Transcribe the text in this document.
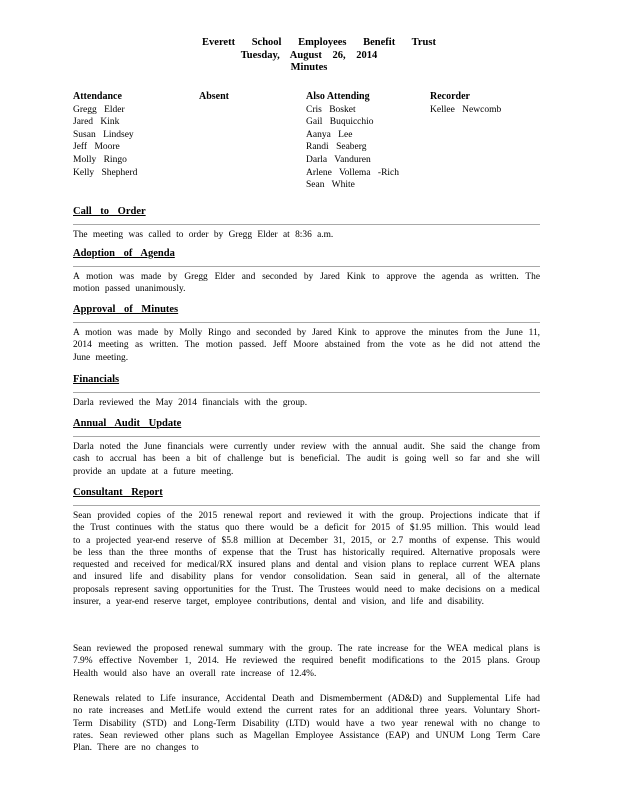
Everett School Employees Benefit Trust
Tuesday, August 26, 2014
Minutes
Attendance
Gregg Elder
Jared Kink
Susan Lindsey
Jeff Moore
Molly Ringo
Kelly Shepherd
Absent	Also Attending
Cris Bosket
Gail Buquicchio
Aanya Lee
Randi Seaberg
Darla Vanduren
Arlene Vollema -Rich
Sean White
Recorder
Kellee Newcomb
Call to Order
The meeting was called to order by Gregg Elder at 8:36 a.m.
Adoption of Agenda
A motion was made by Gregg Elder and seconded by Jared Kink to approve the agenda as written. The motion passed unanimously.
Approval of Minutes
A motion was made by Molly Ringo and seconded by Jared Kink to approve the minutes from the June 11, 2014 meeting as written. The motion passed. Jeff Moore abstained from the vote as he did not attend the June meeting.
Financials
Darla reviewed the May 2014 financials with the group.
Annual Audit Update
Darla noted the June financials were currently under review with the annual audit. She said the change from cash to accrual has been a bit of challenge but is beneficial. The audit is going well so far and she will provide an update at a future meeting.
Consultant Report
Sean provided copies of the 2015 renewal report and reviewed it with the group. Projections indicate that if the Trust continues with the status quo there would be a deficit for 2015 of $1.95 million. This would lead to a projected year-end reserve of $5.8 million at December 31, 2015, or 2.7 months of expense. This would be less than the three months of expense that the Trust has historically required. Alternative proposals were requested and received for medical/RX insured plans and dental and vision plans to replace current WEA plans and insured life and disability plans for vendor consolidation. Sean said in general, all of the alternate proposals represent saving opportunities for the Trust. The Trustees would need to make decisions on a medical insurer, a year-end reserve target, employee contributions, dental and vision, and life and disability.
Sean reviewed the proposed renewal summary with the group. The rate increase for the WEA medical plans is 7.9% effective November 1, 2014. He reviewed the required benefit modifications to the 2015 plans. Group Health would also have an overall rate increase of 12.4%.
Renewals related to Life insurance, Accidental Death and Dismemberment (AD&D) and Supplemental Life had no rate increases and MetLife would extend the current rates for an additional three years. Voluntary Short-Term Disability (STD) and Long-Term Disability (LTD) would have a two year renewal with no change to rates. Sean reviewed other plans such as Magellan Employee Assistance (EAP) and UNUM Long Term Care Plan. There are no changes to
